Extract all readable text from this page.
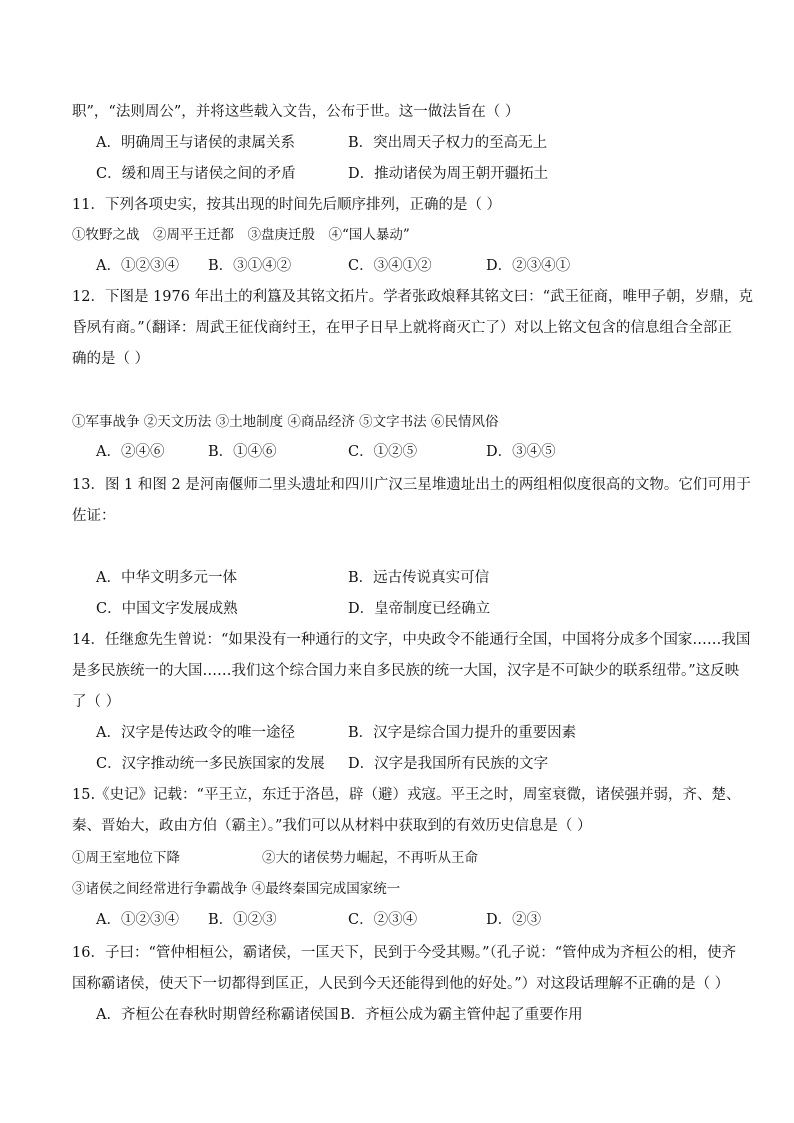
职”，“法则周公”，并将这些载入文告，公布于世。这一做法旨在（ ）
A．明确周王与诸侯的隶属关系	B．突出周天子权力的至高无上
C．缓和周王与诸侯之间的矛盾	D．推动诸侯为周王朝开疆拓土
11．下列各项史实，按其出现的时间先后顺序排列，正确的是（ ）
①牧野之战　②周平王迁都　③盘庚迁殷　④“国人暴动”
A．①②③④ B．③①④②	C．③④①②	D．②③④①
12．下图是 1976 年出土的利簋及其铭文拓片。学者张政烺释其铭文曰：“武王征商，唯甲子朝，岁鼎，克
昏夙有商。”（翻译：周武王征伐商纣王，在甲子日早上就将商灭亡了）对以上铭文包含的信息组合全部正
确的是（ ）
①军事战争 ②天文历法 ③土地制度 ④商品经济 ⑤文字书法 ⑥民情风俗
A．②④⑥	B．①④⑥	C．①②⑤	D．③④⑤
13．图 1 和图 2 是河南偃师二里头遗址和四川广汉三星堆遗址出土的两组相似度很高的文物。它们可用于
佐证：
A．中华文明多元一体	B．远古传说真实可信
C．中国文字发展成熟	D．皇帝制度已经确立
14．任继愈先生曾说：“如果没有一种通行的文字，中央政令不能通行全国，中国将分成多个国家……我国
是多民族统一的大国……我们这个综合国力来自多民族的统一大国，汉字是不可缺少的联系纽带。”这反映
了（ ）
A．汉字是传达政令的唯一途径	B．汉字是综合国力提升的重要因素
C．汉字推动统一多民族国家的发展 D．汉字是我国所有民族的文字
15.《史记》记载：“平王立，东迁于洛邑，辟（避）戎寇。平王之时，周室衰微，诸侯强并弱，齐、楚、
秦、晋始大，政由方伯（霸主）。”我们可以从材料中获取到的有效历史信息是（ ）
①周王室地位下降	②大的诸侯势力崛起，不再听从王命
③诸侯之间经常进行争霸战争 ④最终秦国完成国家统一
A．①②③④ B．①②③	C．②③④	D．②③
16．子曰：“管仲相桓公，霸诸侯，一匡天下，民到于今受其赐。”（孔子说：“管仲成为齐桓公的相，使齐
国称霸诸侯，使天下一切都得到匡正，人民到今天还能得到他的好处。”）对这段话理解不正确的是（ ）
A．齐桓公在春秋时期曾经称霸诸侯国 B．齐桓公成为霸主管仲起了重要作用
